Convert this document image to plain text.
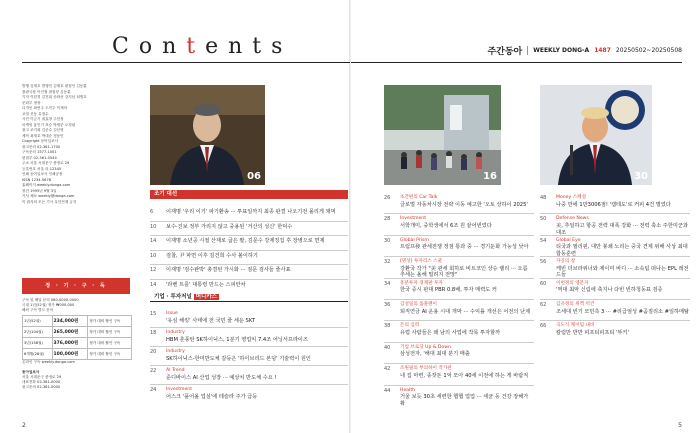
Contents	주간동아 WEEKLY DONG-A 1487 20250502~20250508
발행 김재호 발행인 김재호 편집인 김동훈
출판국장 이인철 편집장 김동훈
기자 이한경 김건희 송화선 강지남 최범호
문화부 정장 ·
디자인 최연주 도진주 이재학
교열 신동 유정수
사진 이금기 권효창 주현정
마케팅 홍인기 표승 박재준 오경림
광고 조기희 김준수 김신영
제작 최재호 박대순 정동민
Copyright 동아일보사
광고문의 02-361-1700
구독문의 1577-1001
편집부 02-361-0544
주소 서울 서대문구 충정로 29
등록번호 서울 라 12345
인쇄 동아일보사 인쇄공장
ISSN 1234-5678
홈페이지 weekly.donga.com
창간 1995년 9월 3일
기사 제보 weekly@donga.com
이 잡지의 모든 기사 무단전재 금지
정 · 기 · 구 · 독
구독 및 배달 문의 080-0000-0000
국내 1년(52권) 정가 ₩000,000
해외 구독 별도 문의
1년(52권)	234,000원	정가 대비 할인 구독
2년(104권)	265,000원	정가 대비 할인 구독
3년(156권)	376,000원	정가 대비 할인 구독
6개월(26권)	100,000원	정가 대비 할인 구독
온라인 구독 weekly.donga.com
동아일보사
서울 서대문구 충정로 29
대표전화 02-361-0000
광고문의 02-361-0000
06	16	30
조기 대선
6 이재명 '우리 이기' 파기환송 ··· 투표일까지 최종 판결 나오기전 몰리게 돼먹
10 보수·진보 정부 가리지 않고 중용된 '거산의 성신' 한덕수
14 이재명 소년공 시절 산재로 굽은 팔, 김문수 강제징집 후 장병으로 면제
10 검찰, 尹 파면 이후 김건희 수사 볼이하기
12 이재명 '검수완박' 총결된 가시화 ··· 질문 검사들 줄사표
14 '라벤 트를' 대통령 만드는 스피란차
기업 · 투자저널 머니카스
15 Issue
'유심 해킹' 사태에 전 국민 줄 세운 SKT
18 Industry
HBM 훈풍탄 SK하이닉스, 1분기 영업익 7.4조 어닝서프라이즈
20 Industry
SK하이닉스-한미반도체 갈등은 '하이브리드 본딩' 기술력이 원인
22 AI Trend
준디바이스 AI 산업 성장 ··· 예상치 반도체 수요 !
24 Investment
어스크 '플어올 업실'에 테슬라 주가 급등
26 초간편의 Car Talk
글로벌 자동차시장 전략 이동 예고한 '오토 상하이 2025'
28 Investment
서학개미, 중학생에서 6조 원 끝어빈었다
30 Global Prism
트럼프發 관세전쟁 정점 통과 중 ··· 경기둔화 가능성 낮아
32 [명상] 투자리스 스쿨
강환국 작가 "美 관세 회하로 비트코인 상승 랠리 ··· 오름 추세는 올해 밀려지 전망"
34 흥분투자 경제판 투자
한국 증시 판대 PBR 0.8배, 투자 매력도 커
36 김성일의 롤플랜이
퇴직연금 AI 운용 시대 개막 ··· 수익률 개선은 어전의 난제
38 돈의 심력
유럽 사람들은 왜 남의 사업에 작목 투자할까
40 기업 브로딩 Up & Down
삼성전자, '해대 최대 분기 매출
42 조원필의 부의하이 작가관
내 집 마련, 종잣돈 1억 모아 40세 이전에 하는 게 바람직
44 Health
거울 보듯 30초 세련한 햅햅 업업 ··· 세균 등 건강 장해가 확
48 Money 스페셜
나중 만에 1만3006점! '캡테도'로 커피 4건 벌었다
50 Defense News
美, 추일하고 항공 전력 대폭 강화 ··· 전력 축소 주한미군과 대조
54 Global Eye
티국과 필리핀, 대만 봉쇄 노리는 중국 견제 위해 사상 최대 합동훈련
56 자공의 창
케빈 더브라위너와 제이미 바디 ··· 소속팀 떠나는 EPL 레전드들
60 이헌정의 영문자
'역대 최악 신림에 축지나 다빈 빈하청동표 검증
62 김유정의 위켁 퍽건
조세대 빈기 모민측 3 ··· #리급엄성 #곰질리소 #일하메탈
66 곡도식 케이밈 내비
칼럼만 반반 피프티피프티 '뚜키'
2	5
